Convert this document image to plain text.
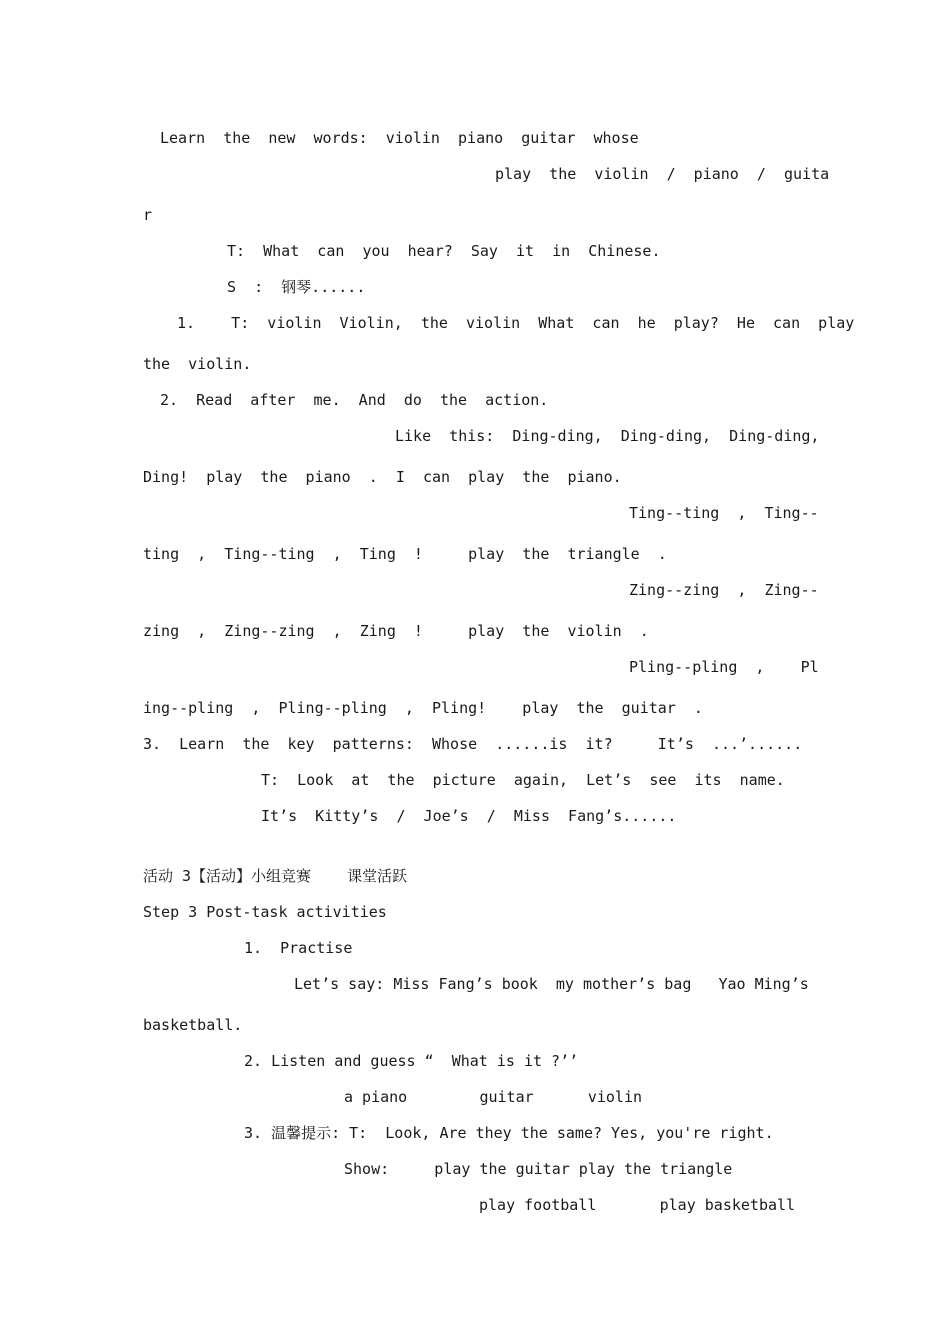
Learn  the  new  words:  violin  piano  guitar  whose
play  the  violin  /  piano  /  guita
r
T:  What  can  you  hear?  Say  it  in  Chinese.
S  :  钢琴......
1.    T:  violin  Violin,  the  violin  What  can  he  play?  He  can  play
the  violin.
2.  Read  after  me.  And  do  the  action.
Like  this:  Ding-ding,  Ding-ding,  Ding-ding,
Ding!  play  the  piano  .  I  can  play  the  piano.
Ting--ting  ,  Ting--
ting  ,  Ting--ting  ,  Ting  !     play  the  triangle  .
Zing--zing  ,  Zing--
zing  ,  Zing--zing  ,  Zing  !     play  the  violin  .
Pling--pling  ,    Pl
ing--pling  ,  Pling--pling  ,  Pling!    play  the  guitar  .
3.  Learn  the  key  patterns:  Whose  ......is  it?     It’s  ...’......
T:  Look  at  the  picture  again,  Let’s  see  its  name.
It’s  Kitty’s  /  Joe’s  /  Miss  Fang’s......
活动 3【活动】小组竞赛    课堂活跃
Step 3 Post-task activities
1.  Practise
Let’s say: Miss Fang’s book  my mother’s bag   Yao Ming’s
basketball.
2. Listen and guess “  What is it ?’’
a piano        guitar      violin
3. 温馨提示: T:  Look, Are they the same? Yes, you're right.
Show:     play the guitar play the triangle
play football       play basketball
